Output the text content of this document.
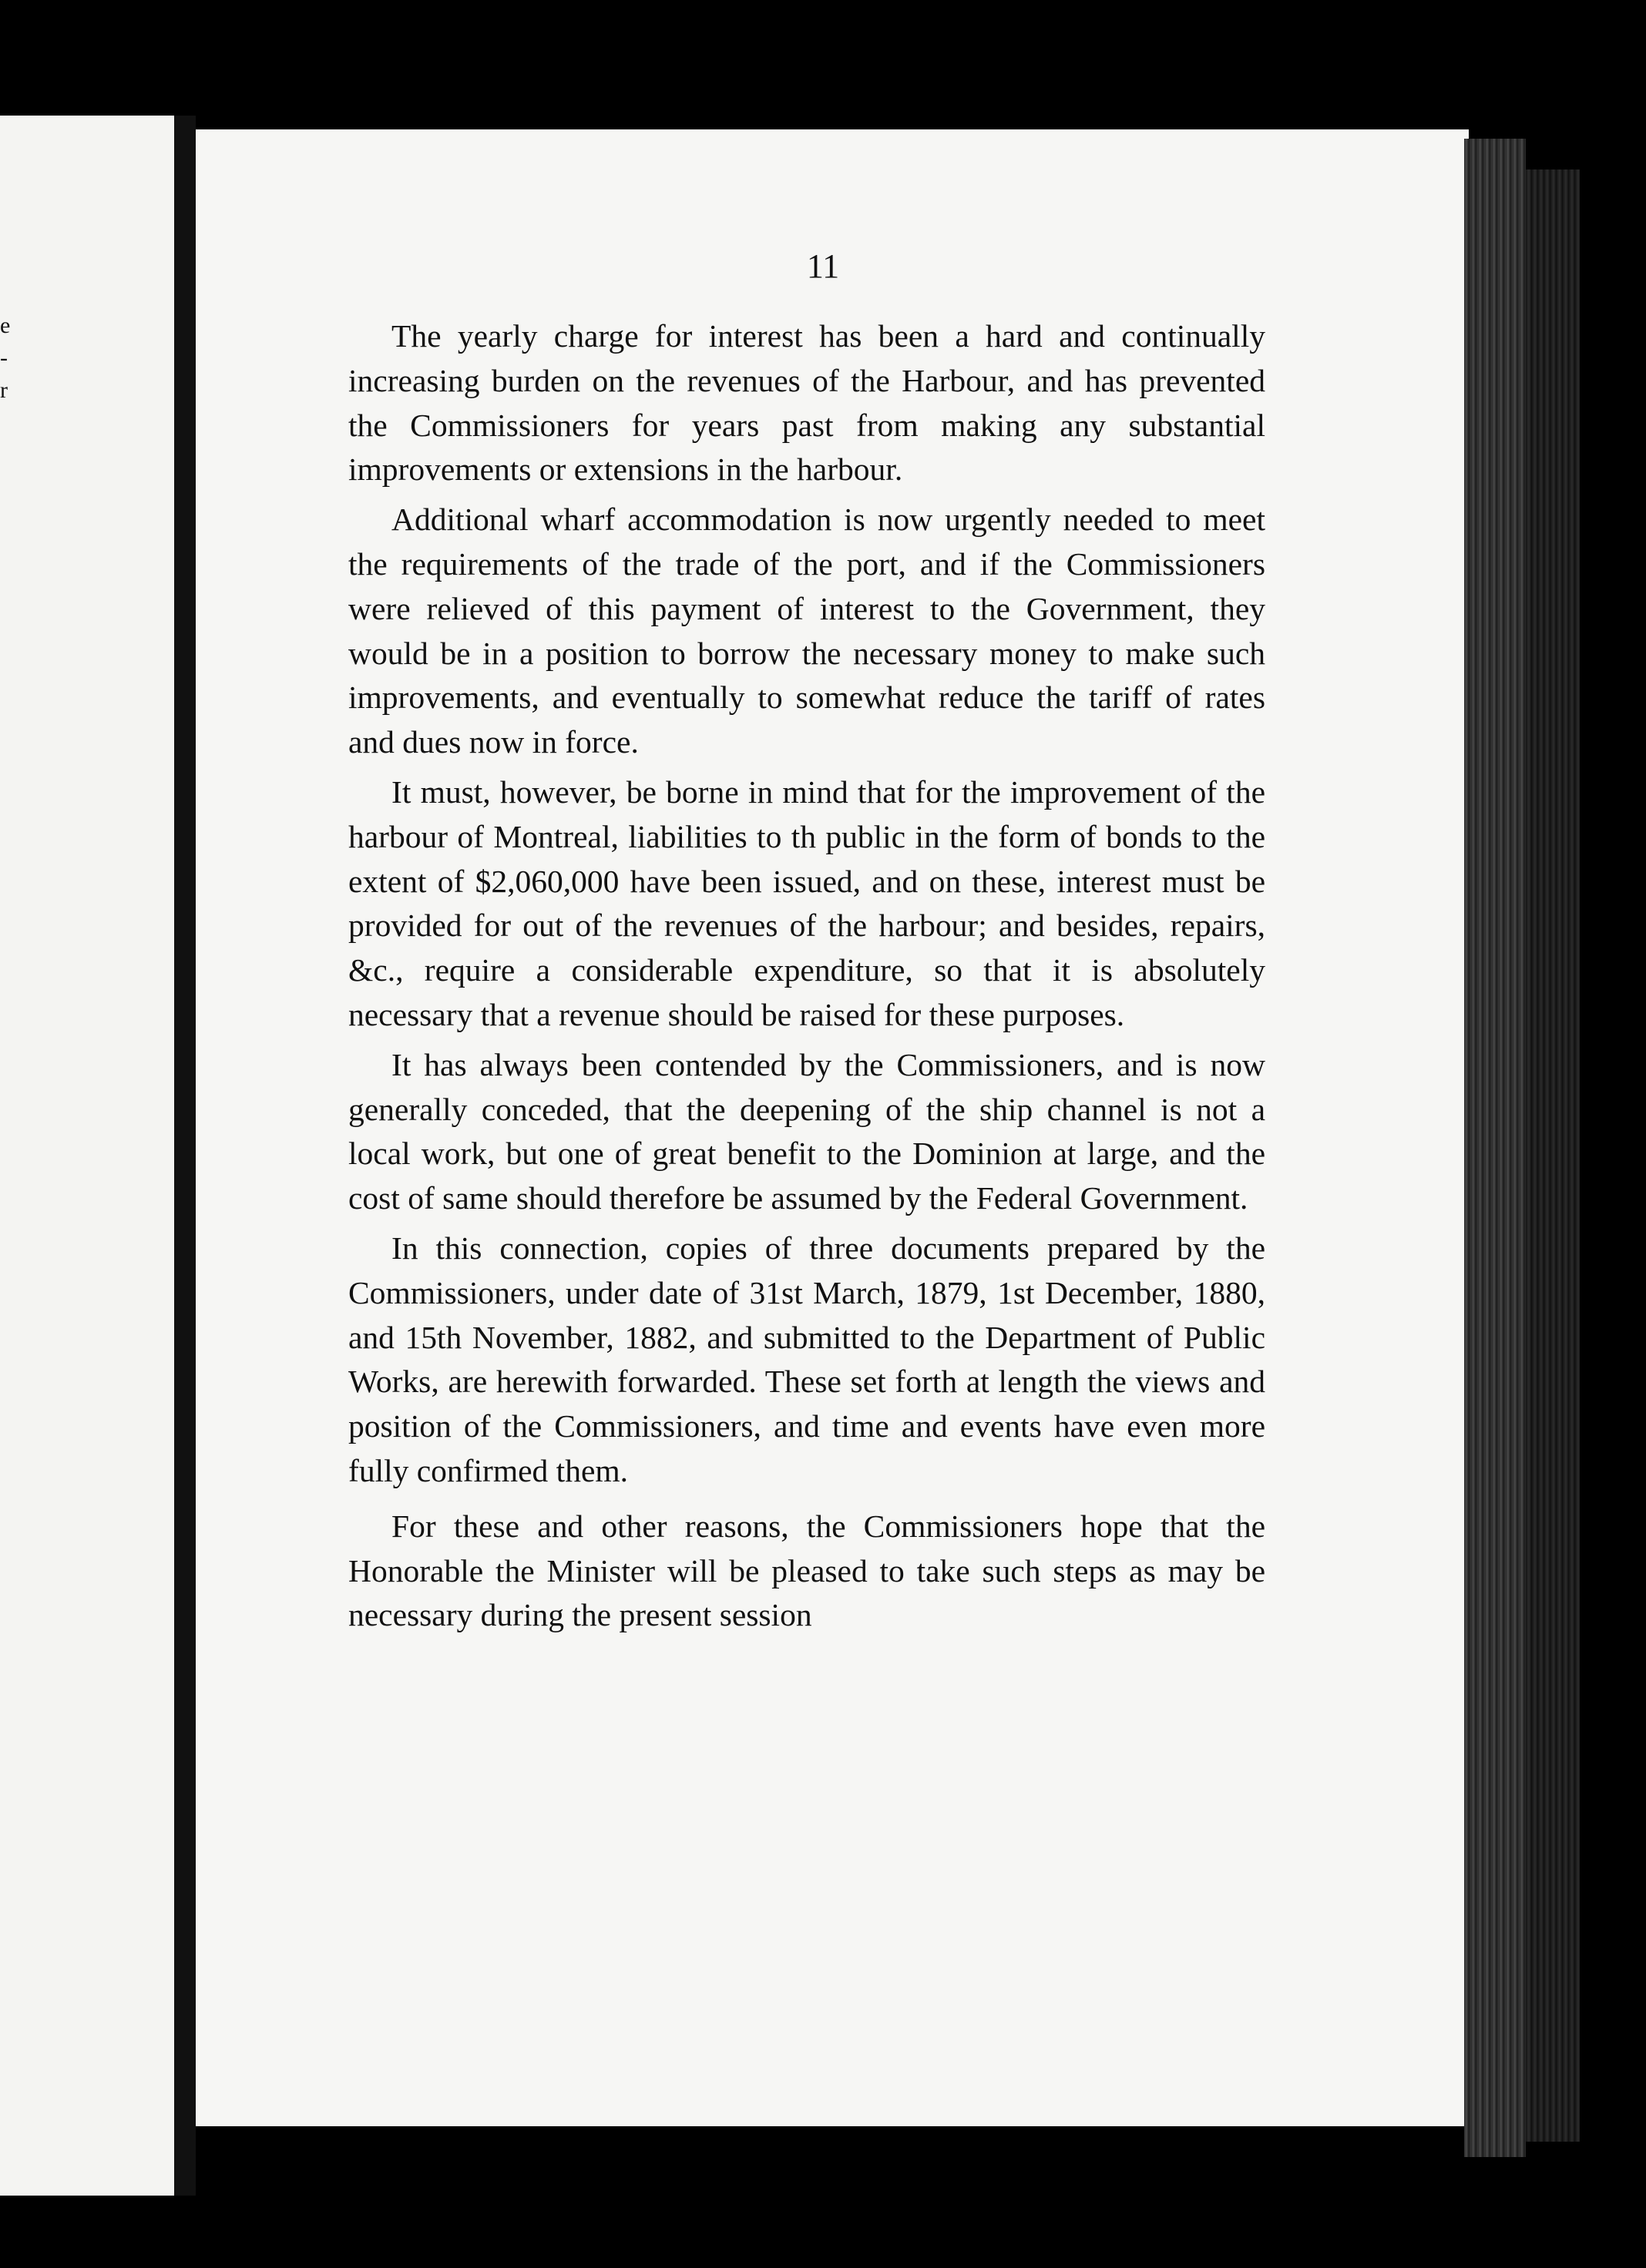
e
-
r
11

The yearly charge for interest has been a hard and continually increasing burden on the revenues of the Harbour, and has prevented the Commissioners for years past from making any substantial improvements or extensions in the harbour.

Additional wharf accommodation is now urgently needed to meet the requirements of the trade of the port, and if the Commissioners were relieved of this payment of interest to the Government, they would be in a position to borrow the necessary money to make such improvements, and eventually to somewhat reduce the tariff of rates and dues now in force.

It must, however, be borne in mind that for the improvement of the harbour of Montreal, liabilities to th public in the form of bonds to the extent of $2,060,000 have been issued, and on these, interest must be provided for out of the revenues of the harbour; and besides, repairs, &c., require a considerable expenditure, so that it is absolutely necessary that a revenue should be raised for these purposes.

It has always been contended by the Commissioners, and is now generally conceded, that the deepening of the ship channel is not a local work, but one of great benefit to the Dominion at large, and the cost of same should therefore be assumed by the Federal Government.

In this connection, copies of three documents prepared by the Commissioners, under date of 31st March, 1879, 1st December, 1880, and 15th November, 1882, and submitted to the Department of Public Works, are herewith forwarded. These set forth at length the views and position of the Commissioners, and time and events have even more fully confirmed them.

For these and other reasons, the Commissioners hope that the Honorable the Minister will be pleased to take such steps as may be necessary during the present session
